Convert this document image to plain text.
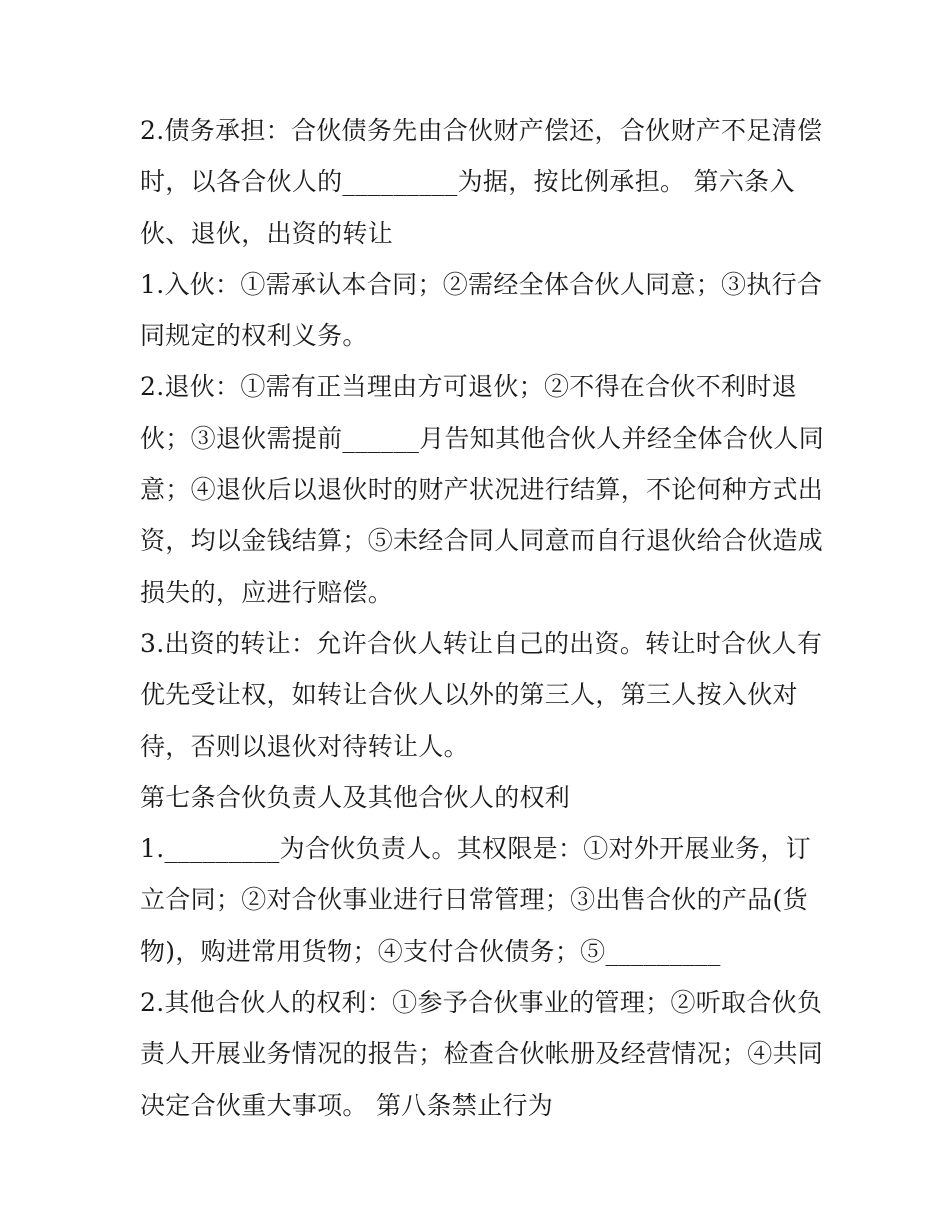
2.债务承担：合伙债务先由合伙财产偿还，合伙财产不足清偿
时，以各合伙人的_________为据，按比例承担。 第六条入
伙、退伙，出资的转让
1.入伙：①需承认本合同；②需经全体合伙人同意；③执行合
同规定的权利义务。
2.退伙：①需有正当理由方可退伙；②不得在合伙不利时退
伙；③退伙需提前______月告知其他合伙人并经全体合伙人同
意；④退伙后以退伙时的财产状况进行结算，不论何种方式出
资，均以金钱结算；⑤未经合同人同意而自行退伙给合伙造成
损失的，应进行赔偿。
3.出资的转让：允许合伙人转让自己的出资。转让时合伙人有
优先受让权，如转让合伙人以外的第三人，第三人按入伙对
待，否则以退伙对待转让人。
第七条合伙负责人及其他合伙人的权利
1._________为合伙负责人。其权限是：①对外开展业务，订
立合同；②对合伙事业进行日常管理；③出售合伙的产品(货
物)，购进常用货物；④支付合伙债务；⑤_________
2.其他合伙人的权利：①参予合伙事业的管理；②听取合伙负
责人开展业务情况的报告；检查合伙帐册及经营情况；④共同
决定合伙重大事项。 第八条禁止行为
